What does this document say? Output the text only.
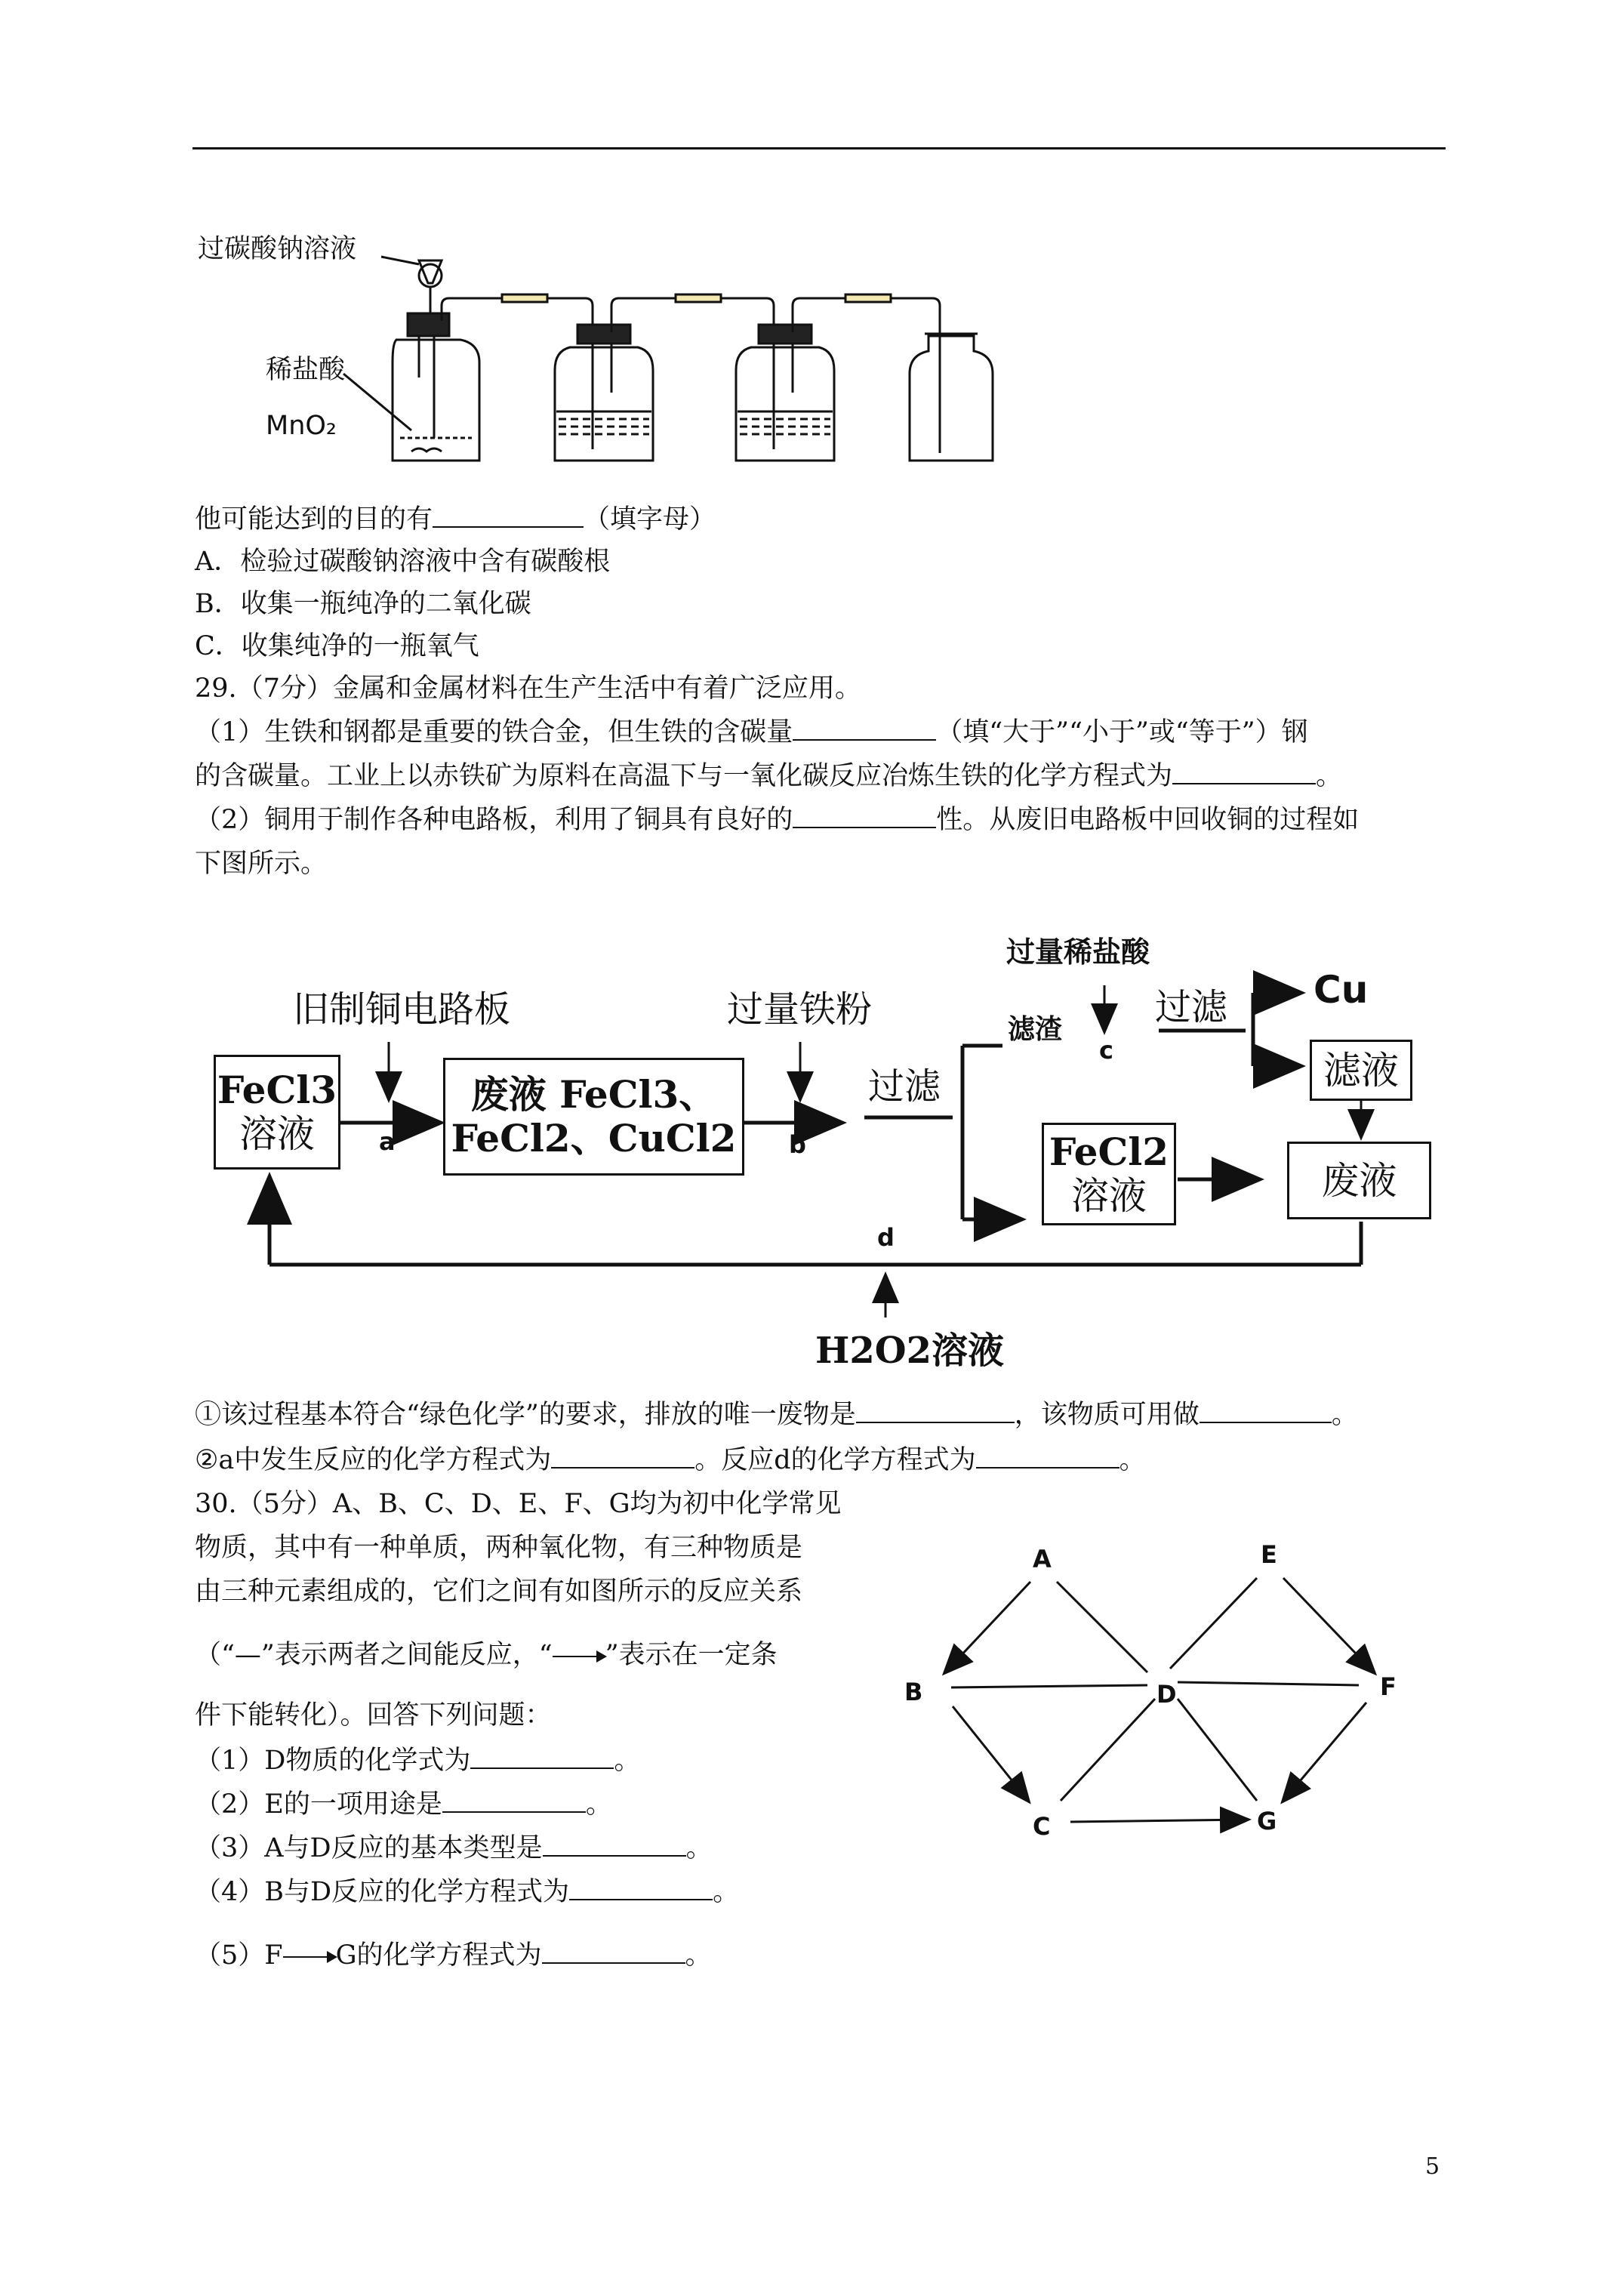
过碳酸钠溶液
稀盐酸
MnO₂
他可能达到的目的有	（填字母）
A．检验过碳酸钠溶液中含有碳酸根
B．收集一瓶纯净的二氧化碳
C．收集纯净的一瓶氧气
29.（7分）金属和金属材料在生产生活中有着广泛应用。
（1）生铁和钢都是重要的铁合金，但生铁的含碳量	（填“大于”“小于”或“等于”）钢
的含碳量。工业上以赤铁矿为原料在高温下与一氧化碳反应冶炼生铁的化学方程式为	。
（2）铜用于制作各种电路板，利用了铜具有良好的	性。从废旧电路板中回收铜的过程如
下图所示。
FeCl3
溶液
旧制铜电路板
a
废液 FeCl3、
FeCl2、CuCl2
过量铁粉
b
过滤
过量稀盐酸
滤渣
c
过滤 Cu
滤液
FeCl2
溶液	废液
d
H2O2溶液
①该过程基本符合“绿色化学”的要求，排放的唯一废物是	，该物质可用做	。
②a中发生反应的化学方程式为	。反应d的化学方程式为	。
30.（5分）A、B、C、D、E、F、G均为初中化学常见
物质，其中有一种单质，两种氧化物，有三种物质是
由三种元素组成的，它们之间有如图所示的反应关系
（“—”表示两者之间能反应，“ ”表示在一定条
件下能转化）。回答下列问题：
（1）D物质的化学式为	。
（2）E的一项用途是	。
（3）A与D反应的基本类型是	。
（4）B与D反应的化学方程式为	。
（5）F G的化学方程式为	。
A
B
C
D
E
F
G
5
